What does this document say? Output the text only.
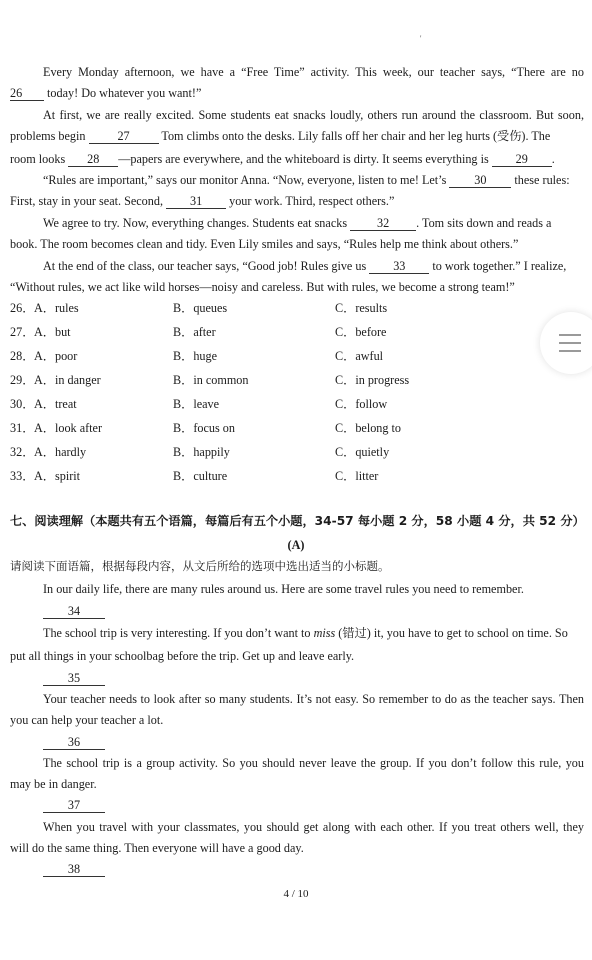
'
Every Monday afternoon, we have a “Free Time” activity. This week, our teacher says, “There are no
26 today! Do whatever you want!”
At first, we are really excited. Some students eat snacks loudly, others run around the classroom. But soon,
problems begin	27	Tom climbs onto the desks. Lily falls off her chair and her leg hurts (受伤). The
room looks 28 —papers are everywhere, and the whiteboard is dirty. It seems everything is 29 .
“Rules are important,” says our monitor Anna. “Now, everyone, listen to me! Let’s 30 these rules:
First, stay in your seat. Second, 31 your work. Third, respect others.”
We agree to try. Now, everything changes. Students eat snacks 32 . Tom sits down and reads a
book. The room becomes clean and tidy. Even Lily smiles and says, “Rules help me think about others.”
At the end of the class, our teacher says, “Good job! Rules give us 33 to work together.” I realize,
“Without rules, we act like wild horses—noisy and careless. But with rules, we become a strong team!”
26． A．rules	B．queues	C．results
27． A．but	B．after	C．before
28． A．poor	B．huge	C．awful
29． A．in danger	B．in common	C．in progress
30． A．treat	B．leave	C．follow
31． A．look after	B．focus on	C．belong to
32． A．hardly	B．happily	C．quietly
33． A．spirit	B．culture	C．litter
七、阅读理解（本题共有五个语篇，每篇后有五个小题，34-57 每小题 2 分，58 小题 4 分，共 52 分）
(A)
请阅读下面语篇，根据每段内容，从文后所给的选项中选出适当的小标题。
In our daily life, there are many rules around us. Here are some travel rules you need to remember.
34
The school trip is very interesting. If you don’t want to miss (错过) it, you have to get to school on time. So
put all things in your schoolbag before the trip. Get up and leave early.
35
Your teacher needs to look after so many students. It’s not easy. So remember to do as the teacher says. Then
you can help your teacher a lot.
36
The school trip is a group activity. So you should never leave the group. If you don’t follow this rule, you
may be in danger.
37
When you travel with your classmates, you should get along with each other. If you treat others well, they
will do the same thing. Then everyone will have a good day.
38
4 / 10
